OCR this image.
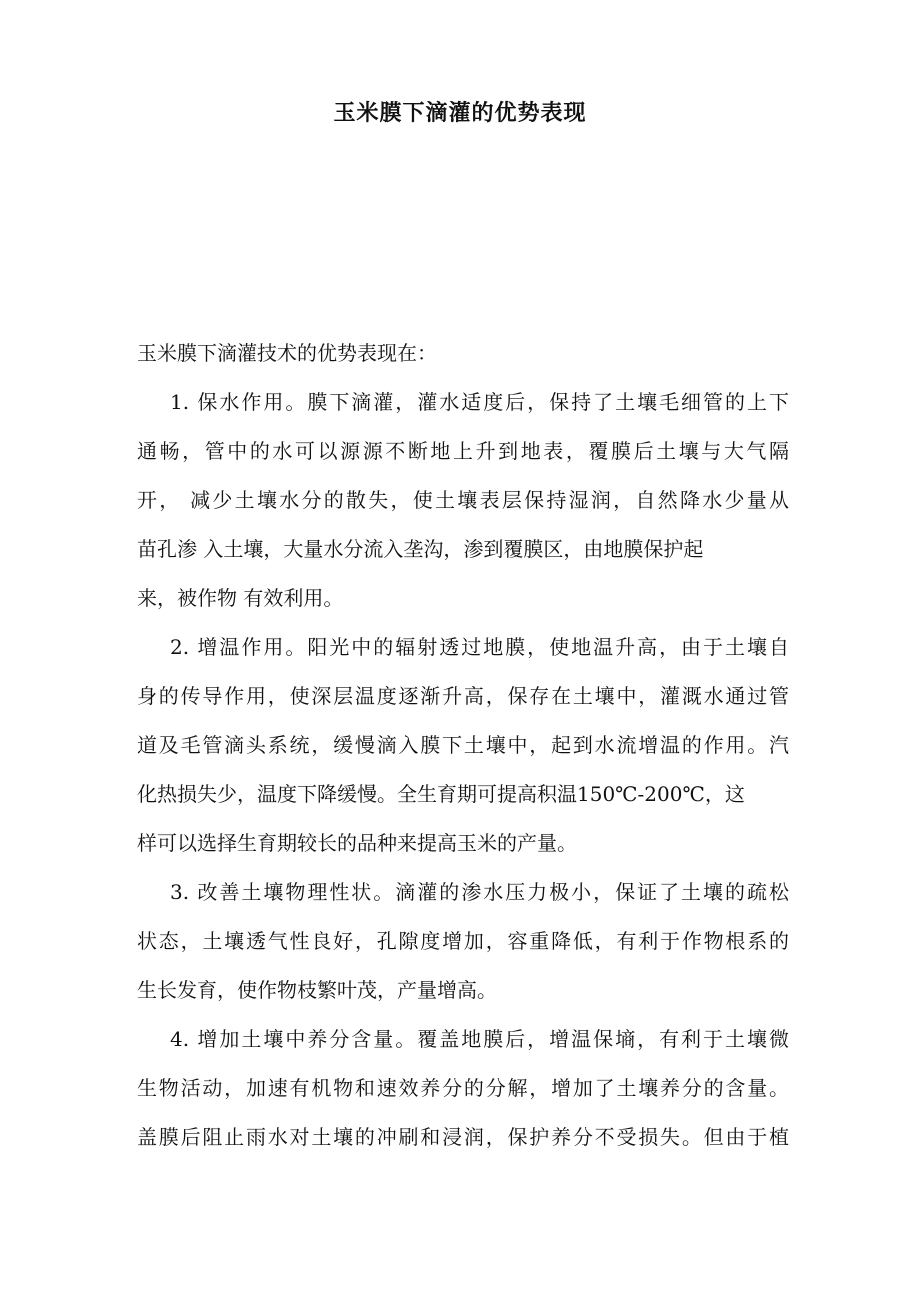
玉米膜下滴灌的优势表现
玉米膜下滴灌技术的优势表现在：
1. 保水作用。膜下滴灌，灌水适度后，保持了土壤毛细管的上下
通畅，管中的水可以源源不断地上升到地表，覆膜后土壤与大气隔
开， 减少土壤水分的散失，使土壤表层保持湿润，自然降水少量从
苗孔渗 入土壤，大量水分流入垄沟，渗到覆膜区，由地膜保护起
来，被作物 有效利用。
2. 增温作用。阳光中的辐射透过地膜，使地温升高，由于土壤自
身的传导作用，使深层温度逐渐升高，保存在土壤中，灌溉水通过管
道及毛管滴头系统，缓慢滴入膜下土壤中，起到水流增温的作用。汽
化热损失少，温度下降缓慢。全生育期可提高积温150℃-200℃，这
样可以选择生育期较长的品种来提高玉米的产量。
3. 改善土壤物理性状。滴灌的渗水压力极小，保证了土壤的疏松
状态，土壤透气性良好，孔隙度增加，容重降低，有利于作物根系的
生长发育，使作物枝繁叶茂，产量增高。
4. 增加土壤中养分含量。覆盖地膜后，增温保墒，有利于土壤微
生物活动，加速有机物和速效养分的分解，增加了土壤养分的含量。
盖膜后阻止雨水对土壤的冲刷和浸润，保护养分不受损失。但由于植
